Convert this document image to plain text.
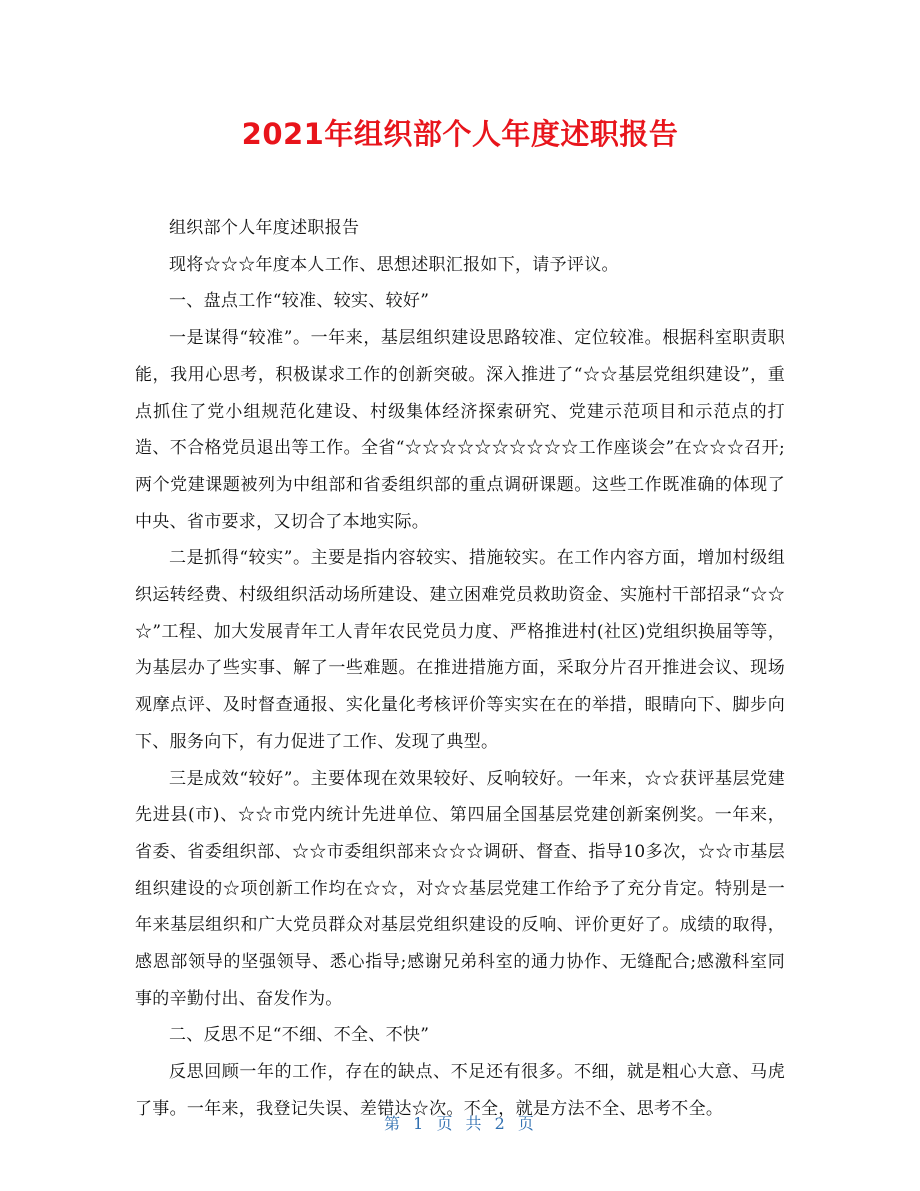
2021年组织部个人年度述职报告

组织部个人年度述职报告

现将☆☆☆年度本人工作、思想述职汇报如下，请予评议。

一、盘点工作“较准、较实、较好”

一是谋得“较准”。一年来，基层组织建设思路较准、定位较准。根据科室职责职能，我用心思考，积极谋求工作的创新突破。深入推进了“☆☆基层党组织建设”，重点抓住了党小组规范化建设、村级集体经济探索研究、党建示范项目和示范点的打造、不合格党员退出等工作。全省“☆☆☆☆☆☆☆☆☆☆工作座谈会”在☆☆☆召开;两个党建课题被列为中组部和省委组织部的重点调研课题。这些工作既准确的体现了中央、省市要求，又切合了本地实际。

二是抓得“较实”。主要是指内容较实、措施较实。在工作内容方面，增加村级组织运转经费、村级组织活动场所建设、建立困难党员救助资金、实施村干部招录“☆☆☆”工程、加大发展青年工人青年农民党员力度、严格推进村(社区)党组织换届等等，为基层办了些实事、解了一些难题。在推进措施方面，采取分片召开推进会议、现场观摩点评、及时督查通报、实化量化考核评价等实实在在的举措，眼睛向下、脚步向下、服务向下，有力促进了工作、发现了典型。

三是成效“较好”。主要体现在效果较好、反响较好。一年来，☆☆获评基层党建先进县(市)、☆☆市党内统计先进单位、第四届全国基层党建创新案例奖。一年来，省委、省委组织部、☆☆市委组织部来☆☆☆调研、督查、指导10多次，☆☆市基层组织建设的☆项创新工作均在☆☆，对☆☆基层党建工作给予了充分肯定。特别是一年来基层组织和广大党员群众对基层党组织建设的反响、评价更好了。成绩的取得，感恩部领导的坚强领导、悉心指导;感谢兄弟科室的通力协作、无缝配合;感激科室同事的辛勤付出、奋发作为。

二、反思不足“不细、不全、不快”

反思回顾一年的工作，存在的缺点、不足还有很多。不细，就是粗心大意、马虎了事。一年来，我登记失误、差错达☆次。不全，就是方法不全、思考不全。

第 1 页 共 2 页
